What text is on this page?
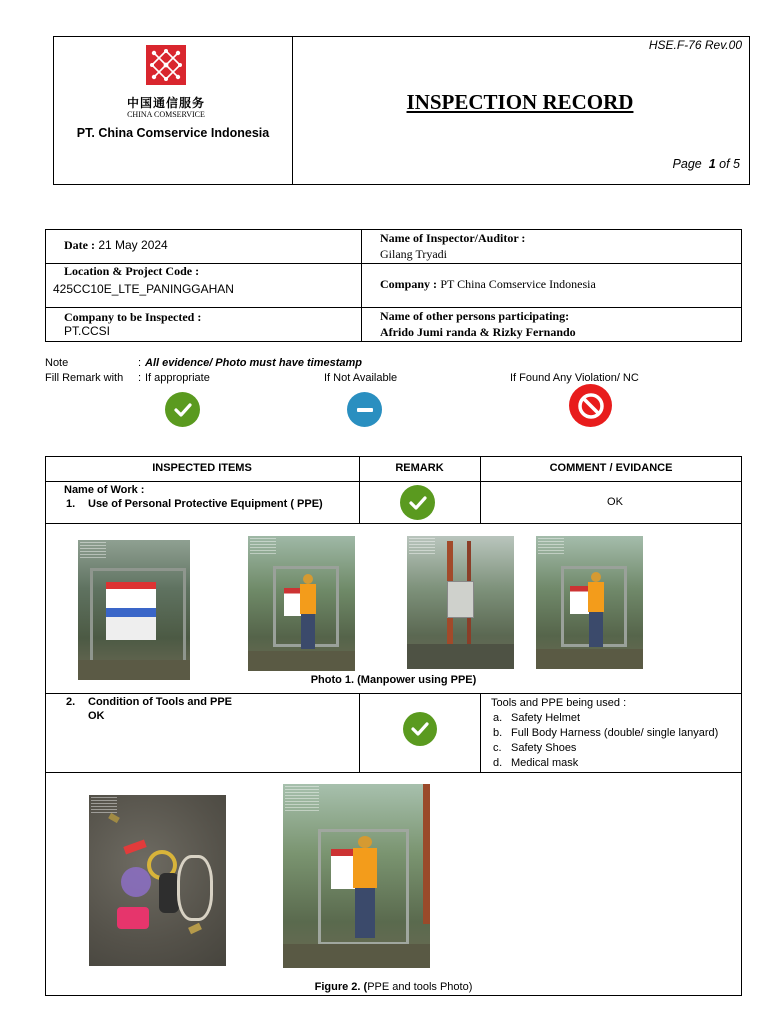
中国通信服务
CHINA COMSERVICE
PT. China Comservice Indonesia
HSE.F-76 Rev.00
INSPECTION RECORD
Page 1 of 5
Date : 21 May 2024	Name of Inspector/Auditor :
Gilang Tryadi
Location & Project Code :
425CC10E_LTE_PANINGGAHAN	Company : PT China Comservice Indonesia
Company to be Inspected :
PT.CCSI
Name of other persons participating:
Afrido Jumi randa & Rizky Fernando
Note	: All evidence/ Photo must have timestamp
Fill Remark with : If appropriate	If Not Available	If Found Any Violation/ NC
INSPECTED ITEMS	REMARK	COMMENT / EVIDANCE
Name of Work :
1. Use of Personal Protective Equipment ( PPE)	OK
Photo 1. (Manpower using PPE)
2. Condition of Tools and PPE
OK
Tools and PPE being used :
a. Safety Helmet
b. Full Body Harness (double/ single lanyard)
c. Safety Shoes
d. Medical mask
Figure 2. (PPE and tools Photo)
